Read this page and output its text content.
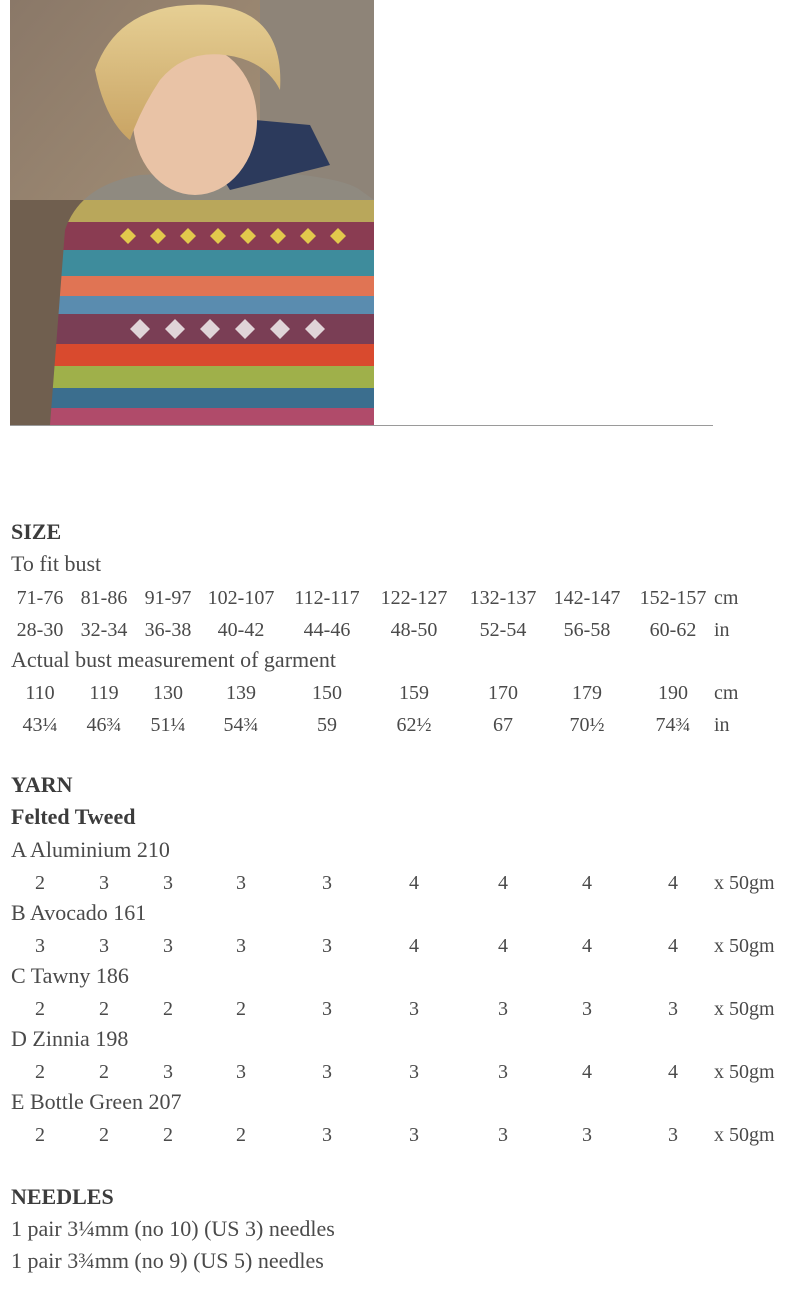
SIZE
To fit bust
71-76 81-86 91-97 102-107 112-117 122-127 132-137 142-147 152-157 cm
28-30 32-34 36-38 40-42 44-46 48-50 52-54 56-58 60-62 in
110 119 130 139	150	159	170	179	190 cm
43¼ 46¾ 51¼ 54¾	59	62½	67	70½	74¾ in
Actual bust measurement of garment
YARN
Felted Tweed
A Aluminium 210
2	3	3	3	3	4	4	4	4 x 50gm
B Avocado 161
3	3	3	3	3	4	4	4	4 x 50gm
C Tawny 186
2	2	2	2	3	3	3	3	3 x 50gm
D Zinnia 198
2	2	3	3	3	3	3	4	4 x 50gm
E Bottle Green 207
2	2	2	2	3	3	3	3	3 x 50gm
NEEDLES
1 pair 3¼mm (no 10) (US 3) needles
1 pair 3¾mm (no 9) (US 5) needles
